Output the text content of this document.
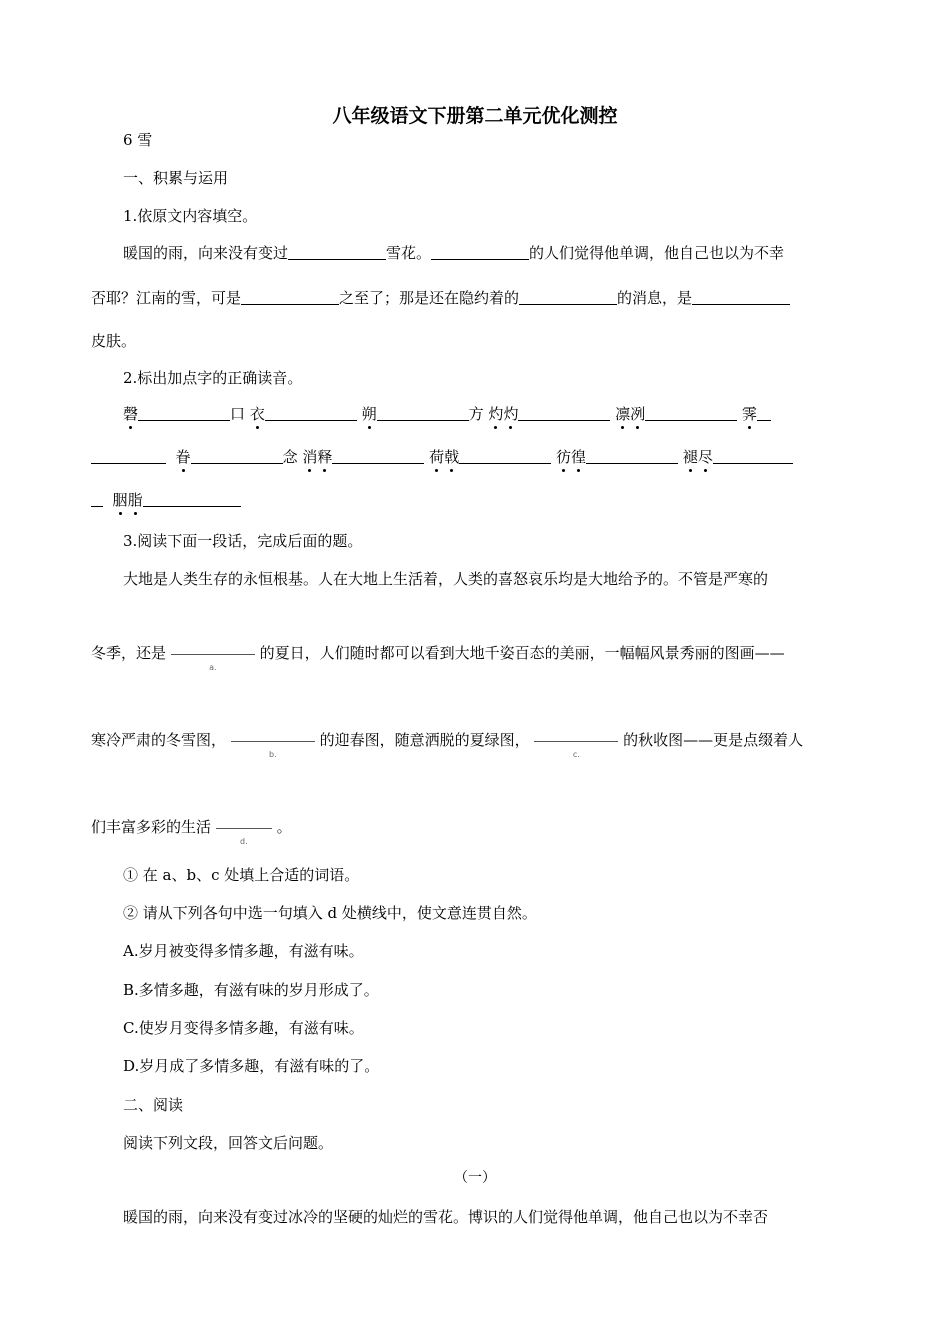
八年级语文下册第二单元优化测控
6 雪
一、积累与运用
1.依原文内容填空。
暖国的雨，向来没有变过	雪花。	的人们觉得他单调，他自己也以为不幸
否耶？江南的雪，可是	之至了；那是还在隐约着的	的消息，是
皮肤。
2.标出加点字的正确读音。
磬	口 衣	朔	方 灼灼	凛冽	霁
眷	念 消释	荷戟	彷徨	褪尽
胭脂
3.阅读下面一段话，完成后面的题。
大地是人类生存的永恒根基。人在大地上生活着，人类的喜怒哀乐均是大地给予的。不管是严寒的
冬季，还是
a.
的夏日，人们随时都可以看到大地千姿百态的美丽，一幅幅风景秀丽的图画——
寒冷严肃的冬雪图，
b.
的迎春图，随意洒脱的夏绿图，
c.
的秋收图——更是点缀着人
们丰富多彩的生活
d.
。
① 在 a、b、c 处填上合适的词语。
② 请从下列各句中选一句填入 d 处横线中，使文意连贯自然。
A.岁月被变得多情多趣，有滋有味。
B.多情多趣，有滋有味的岁月形成了。
C.使岁月变得多情多趣，有滋有味。
D.岁月成了多情多趣，有滋有味的了。
二、阅读
阅读下列文段，回答文后问题。
（一）
暖国的雨，向来没有变过冰冷的坚硬的灿烂的雪花。博识的人们觉得他单调，他自己也以为不幸否
